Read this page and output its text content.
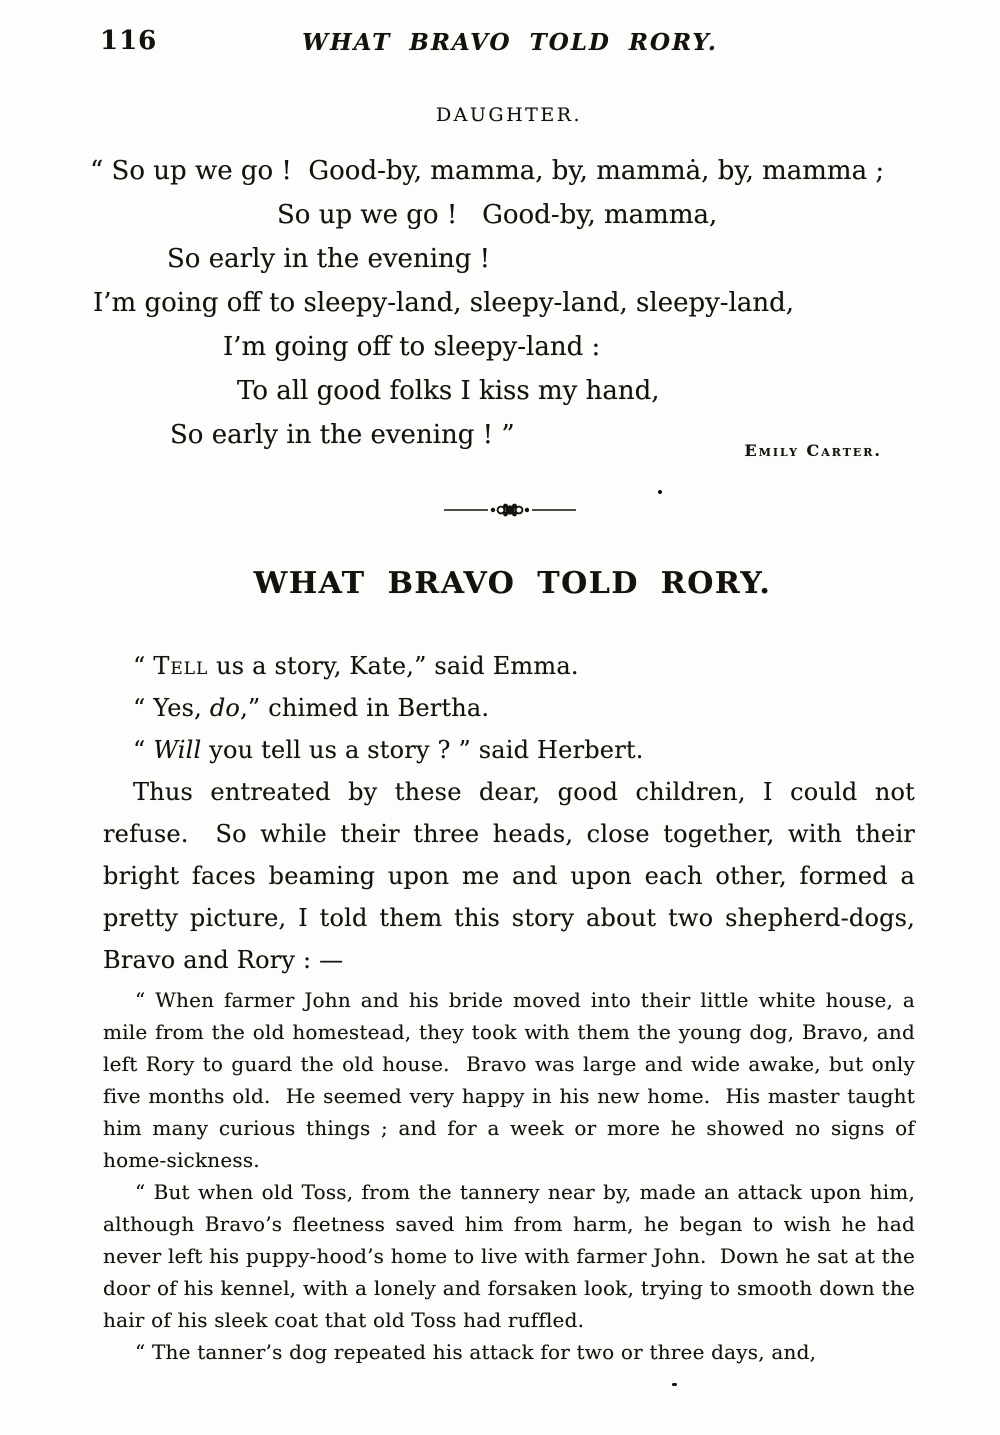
116	WHAT BRAVO TOLD RORY.
DAUGHTER.
“ So up we go !  Good-by, mamma, by, mammȧ, by, mamma ;
So up we go !   Good-by, mamma,
So early in the evening !
I’m going off to sleepy-land, sleepy-land, sleepy-land,
I’m going off to sleepy-land :
To all good folks I kiss my hand,
So early in the evening ! ”
Emily Carter.
WHAT BRAVO TOLD RORY.
“ Tell us a story, Kate,” said Emma.
“ Yes, do,” chimed in Bertha.
“ Will you tell us a story ? ” said Herbert.

Thus entreated by these dear, good children, I could not refuse.  So while their three heads, close together, with their bright faces beaming upon me and upon each other, formed a pretty picture, I told them this story about two shepherd-dogs, Bravo and Rory : —

“ When farmer John and his bride moved into their little white house, a mile from the old homestead, they took with them the young dog, Bravo, and left Rory to guard the old house.  Bravo was large and wide awake, but only five months old.  He seemed very happy in his new home.  His master taught him many curious things ; and for a week or more he showed no signs of home-sickness.

“ But when old Toss, from the tannery near by, made an attack upon him, although Bravo’s fleetness saved him from harm, he began to wish he had never left his puppy-hood’s home to live with farmer John.  Down he sat at the door of his kennel, with a lonely and forsaken look, trying to smooth down the hair of his sleek coat that old Toss had ruffled.

“ The tanner’s dog repeated his attack for two or three days, and,
